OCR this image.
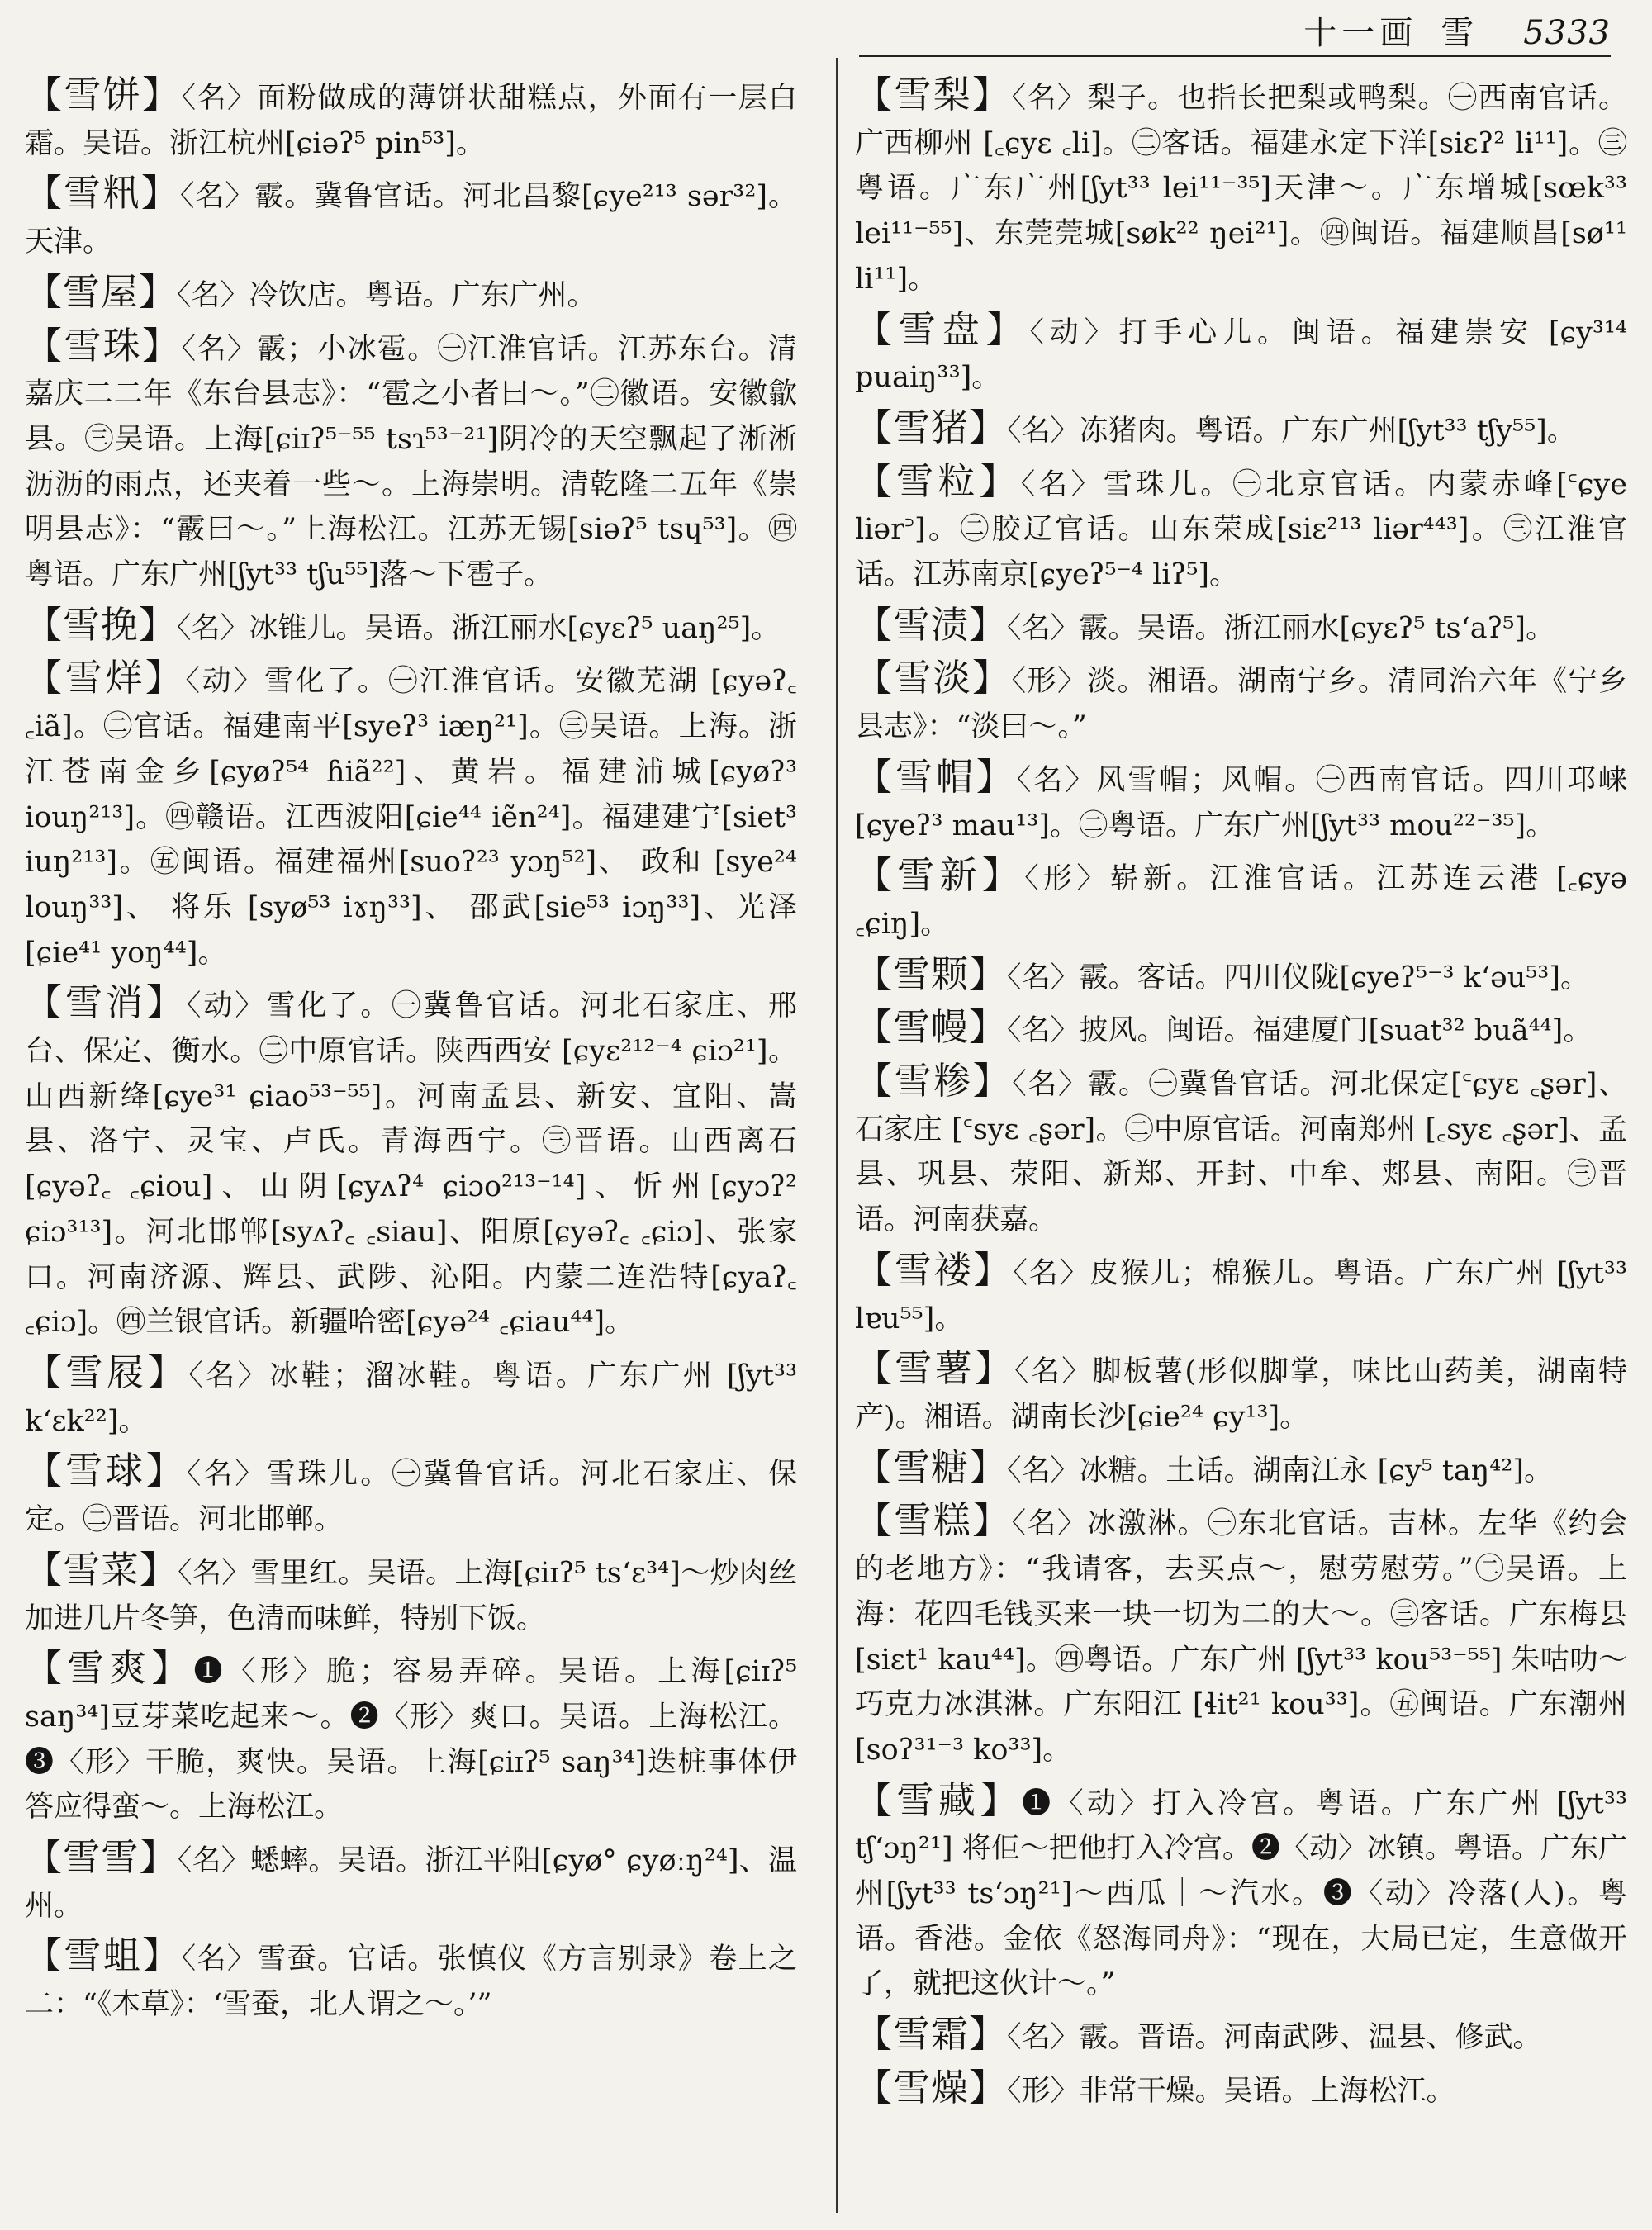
十一画 雪 5333

【雪饼】〈名〉面粉做成的薄饼状甜糕点，外面有一层白霜。吴语。浙江杭州[ɕiəʔ⁵ pin⁵³]。

【雪籸】〈名〉霰。冀鲁官话。河北昌黎[ɕye²¹³ sər³²]。天津。

【雪屋】〈名〉冷饮店。粤语。广东广州。

【雪珠】〈名〉霰；小冰雹。㊀江淮官话。江苏东台。清嘉庆二二年《东台县志》：“雹之小者曰～。”㊁徽语。安徽歙县。㊂吴语。上海[ɕiɪʔ⁵⁻⁵⁵ tsɿ⁵³⁻²¹]阴冷的天空飘起了淅淅沥沥的雨点，还夹着一些～。上海崇明。清乾隆二五年《崇明县志》：“霰曰～。”上海松江。江苏无锡[siəʔ⁵ tsɥ⁵³]。㊃粤语。广东广州[ʃyt³³ tʃu⁵⁵]落～下雹子。

【雪挽】〈名〉冰锥儿。吴语。浙江丽水[ɕyɛʔ⁵ uaŋ²⁵]。

【雪烊】〈动〉雪化了。㊀江淮官话。安徽芜湖 [ɕyəʔ꜀ ꜀iã]。㊁官话。福建南平[syeʔ³ iæŋ²¹]。㊂吴语。上海。浙江苍南金乡[ɕyøʔ⁵⁴ ɦiã²²]、黄岩。福建浦城[ɕyøʔ³ iouŋ²¹³]。㊃赣语。江西波阳[ɕie⁴⁴ iẽn²⁴]。福建建宁[siet³ iuŋ²¹³]。㊄闽语。福建福州[suoʔ²³ yɔŋ⁵²]、 政和 [sye²⁴ louŋ³³]、 将乐 [syø⁵³ iɤŋ³³]、 邵武[sie⁵³ iɔŋ³³]、光泽[ɕie⁴¹ yoŋ⁴⁴]。

【雪消】〈动〉雪化了。㊀冀鲁官话。河北石家庄、邢台、保定、衡水。㊁中原官话。陕西西安 [ɕyɛ²¹²⁻⁴ ɕiɔ²¹]。山西新绛[ɕye³¹ ɕiao⁵³⁻⁵⁵]。河南孟县、新安、宜阳、嵩县、洛宁、灵宝、卢氏。青海西宁。㊂晋语。山西离石[ɕyəʔ꜀ ꜀ɕiou]、山阴[ɕyʌʔ⁴ ɕiɔo²¹³⁻¹⁴]、忻州[ɕyɔʔ² ɕiɔ³¹³]。河北邯郸[syʌʔ꜀ ꜀siau]、阳原[ɕyəʔ꜀ ꜀ɕiɔ]、张家口。河南济源、辉县、武陟、沁阳。内蒙二连浩特[ɕyaʔ꜀ ꜀ɕiɔ]。㊃兰银官话。新疆哈密[ɕyə²⁴ ꜀ɕiau⁴⁴]。

【雪屐】〈名〉冰鞋；溜冰鞋。粤语。广东广州 [ʃyt³³ k‘ɛk²²]。

【雪球】〈名〉雪珠儿。㊀冀鲁官话。河北石家庄、保定。㊁晋语。河北邯郸。

【雪菜】〈名〉雪里红。吴语。上海[ɕiɪʔ⁵ ts‘ɛ³⁴]～炒肉丝加进几片冬笋，色清而味鲜，特别下饭。

【雪爽】❶〈形〉脆；容易弄碎。吴语。上海[ɕiɪʔ⁵ saŋ³⁴]豆芽菜吃起来～。❷〈形〉爽口。吴语。上海松江。❸〈形〉干脆，爽快。吴语。上海[ɕiɪʔ⁵ saŋ³⁴]迭桩事体伊答应得蛮～。上海松江。

【雪雪】〈名〉蟋蟀。吴语。浙江平阳[ɕyø° ɕyøːŋ²⁴]、温州。

【雪蛆】〈名〉雪蚕。官话。张慎仪《方言别录》卷上之二：“《本草》：‘雪蚕，北人谓之～。’”

【雪梨】〈名〉梨子。也指长把梨或鸭梨。㊀西南官话。广西柳州 [꜀ɕyɛ ꜀li]。㊁客话。福建永定下洋[siɛʔ² li¹¹]。㊂粤语。广东广州[ʃyt³³ lei¹¹⁻³⁵]天津～。广东增城[sœk³³ lei¹¹⁻⁵⁵]、东莞莞城[søk²² ŋei²¹]。㊃闽语。福建顺昌[sø¹¹ li¹¹]。

【雪盘】〈动〉打手心儿。闽语。福建崇安 [ɕy³¹⁴ puaiŋ³³]。

【雪猪】〈名〉冻猪肉。粤语。广东广州[ʃyt³³ tʃy⁵⁵]。

【雪粒】〈名〉雪珠儿。㊀北京官话。内蒙赤峰[꜂ɕye liər꜄]。㊁胶辽官话。山东荣成[siɛ²¹³ liər⁴⁴³]。㊂江淮官话。江苏南京[ɕyeʔ⁵⁻⁴ liʔ⁵]。

【雪渍】〈名〉霰。吴语。浙江丽水[ɕyɛʔ⁵ ts‘aʔ⁵]。

【雪淡】〈形〉淡。湘语。湖南宁乡。清同治六年《宁乡县志》：“淡曰～。”

【雪帽】〈名〉风雪帽；风帽。㊀西南官话。四川邛崃[ɕyeʔ³ mau¹³]。㊁粤语。广东广州[ʃyt³³ mou²²⁻³⁵]。

【雪新】〈形〉崭新。江淮官话。江苏连云港 [꜀ɕyə ꜀ɕiŋ]。

【雪颗】〈名〉霰。客话。四川仪陇[ɕyeʔ⁵⁻³ k‘əu⁵³]。

【雪幔】〈名〉披风。闽语。福建厦门[suat³² buã⁴⁴]。

【雪糁】〈名〉霰。㊀冀鲁官话。河北保定[꜂ɕyɛ ꜀ʂər]、石家庄 [꜂syɛ ꜀ʂər]。㊁中原官话。河南郑州 [꜀syɛ ꜀ʂər]、孟县、巩县、荥阳、新郑、开封、中牟、郏县、南阳。㊂晋语。河南获嘉。

【雪褛】〈名〉皮猴儿；棉猴儿。粤语。广东广州 [ʃyt³³ lɐu⁵⁵]。

【雪薯】〈名〉脚板薯(形似脚掌，味比山药美，湖南特产)。湘语。湖南长沙[ɕie²⁴ ɕy¹³]。

【雪糖】〈名〉冰糖。土话。湖南江永 [ɕy⁵ taŋ⁴²]。

【雪糕】〈名〉冰激淋。㊀东北官话。吉林。左华《约会的老地方》：“我请客，去买点～，慰劳慰劳。”㊁吴语。上海：花四毛钱买来一块一切为二的大～。㊂客话。广东梅县[siɛt¹ kau⁴⁴]。㊃粤语。广东广州 [ʃyt³³ kou⁵³⁻⁵⁵] 朱咕叻～巧克力冰淇淋。广东阳江 [ɬit²¹ kou³³]。㊄闽语。广东潮州 [soʔ³¹⁻³ ko³³]。

【雪藏】❶〈动〉打入冷宫。粤语。广东广州 [ʃyt³³ tʃ‘ɔŋ²¹] 将佢～把他打入冷宫。❷〈动〉冰镇。粤语。广东广州[ʃyt³³ ts‘ɔŋ²¹]～西瓜｜～汽水。❸〈动〉冷落(人)。粤语。香港。金依《怒海同舟》：“现在，大局已定，生意做开了，就把这伙计～。”

【雪霜】〈名〉霰。晋语。河南武陟、温县、修武。

【雪燥】〈形〉非常干燥。吴语。上海松江。
